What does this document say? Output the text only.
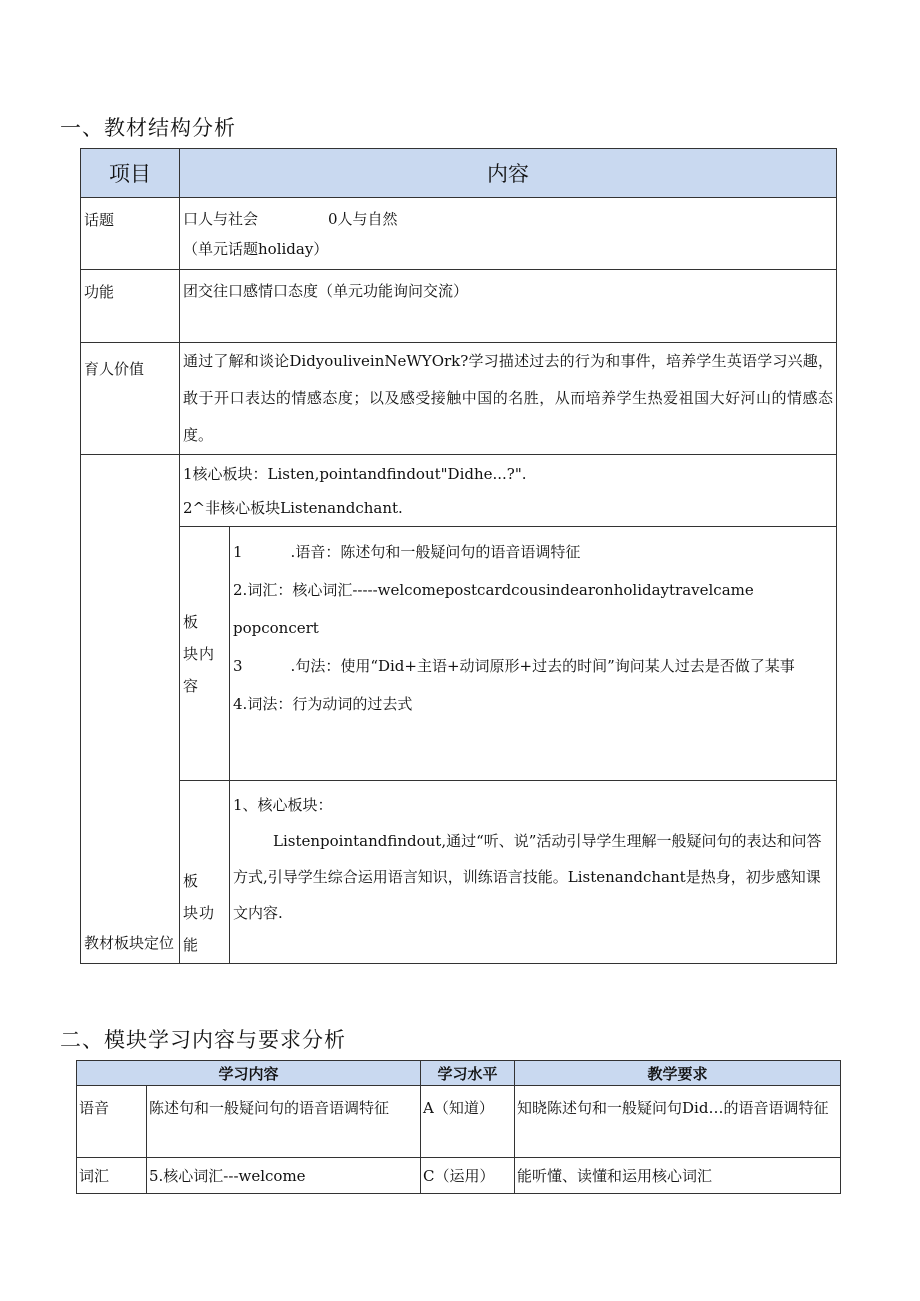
一、教材结构分析
项目	内容	
话题	口人与社会 0人与自然
（单元话题holiday）	

功能	团交往口感情口态度（单元功能询问交流）	
育人价值	通过了解和谈论DidyouliveinNeWYOrk?学习描述过去的行为和事件，培养学生英语学习兴趣，敢于开口表达的情感态度；以及感受接触中国的名胜，从而培养学生热爱祖国大好河山的情感态度。	
教材板块定位	1核心板块：Listen,pointandfindout"Didhe...?".
2^非核心板块Listenandchant.	

	板　块内容	1 .语音：陈述句和一般疑问句的语音语调特征
2.词汇：核心词汇-----welcomepostcardcousindearonholidaytravelcame popconcert
3 .句法：使用“Did+主语+动词原形+过去的时间”询问某人过去是否做了某事
4.词法：行为动词的过去式

	板　块功能	1、核心板块：
Listenpointandfindout,通过“听、说”活动引导学生理解一般疑问句的表达和问答方式,引导学生综合运用语言知识，训练语言技能。Listenandchant是热身，初步感知课文内容.
二、模块学习内容与要求分析
学习内容		学习水平	教学要求
语音	陈述句和一般疑问句的语音语调特征	A（知道）	知晓陈述句和一般疑问句Did…的语音语调特征
词汇	5.核心词汇---welcome	C（运用）	能听懂、读懂和运用核心词汇
